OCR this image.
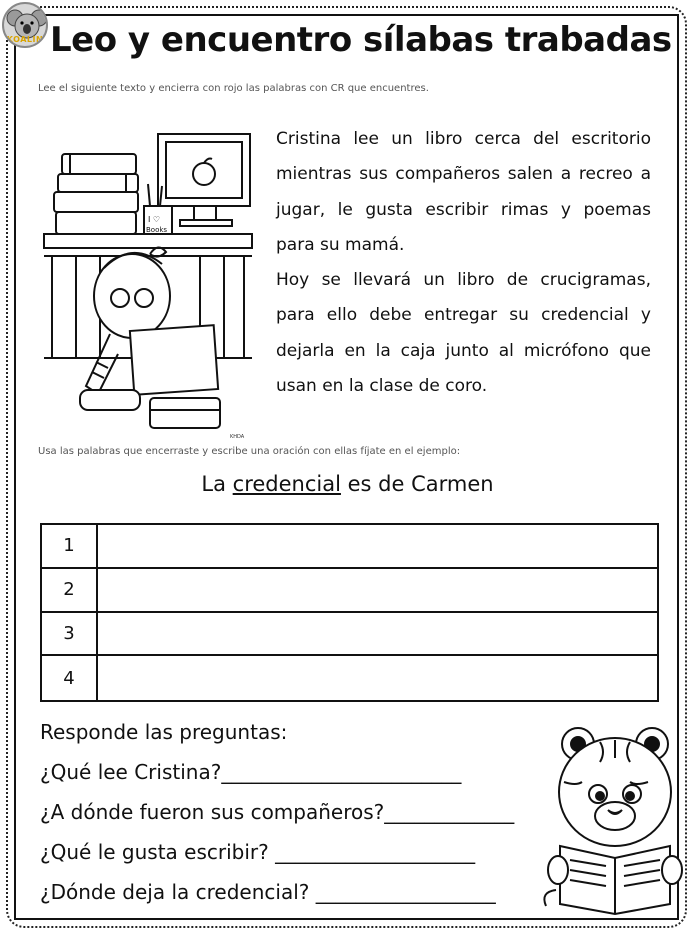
KOALIN Leo y encuentro sílabas trabadas
Lee el siguiente texto y encierra con rojo las palabras con CR que encuentres.
I ♡
Books
KHDA

Cristina lee un libro cerca del escritorio mientras sus compañeros salen a recreo a jugar, le gusta escribir rimas y poemas para su mamá.

Hoy se llevará un libro de crucigramas, para ello debe entregar su credencial y dejarla en la caja junto al micrófono que usan en la clase de coro.

Usa las palabras que encerraste y escribe una oración con ellas fíjate en el ejemplo:
La credencial es de Carmen
1
2
3
4
Responde las preguntas:
¿Qué lee Cristina?________________________
¿A dónde fueron sus compañeros?_____________
¿Qué le gusta escribir? ____________________
¿Dónde deja la credencial? __________________
